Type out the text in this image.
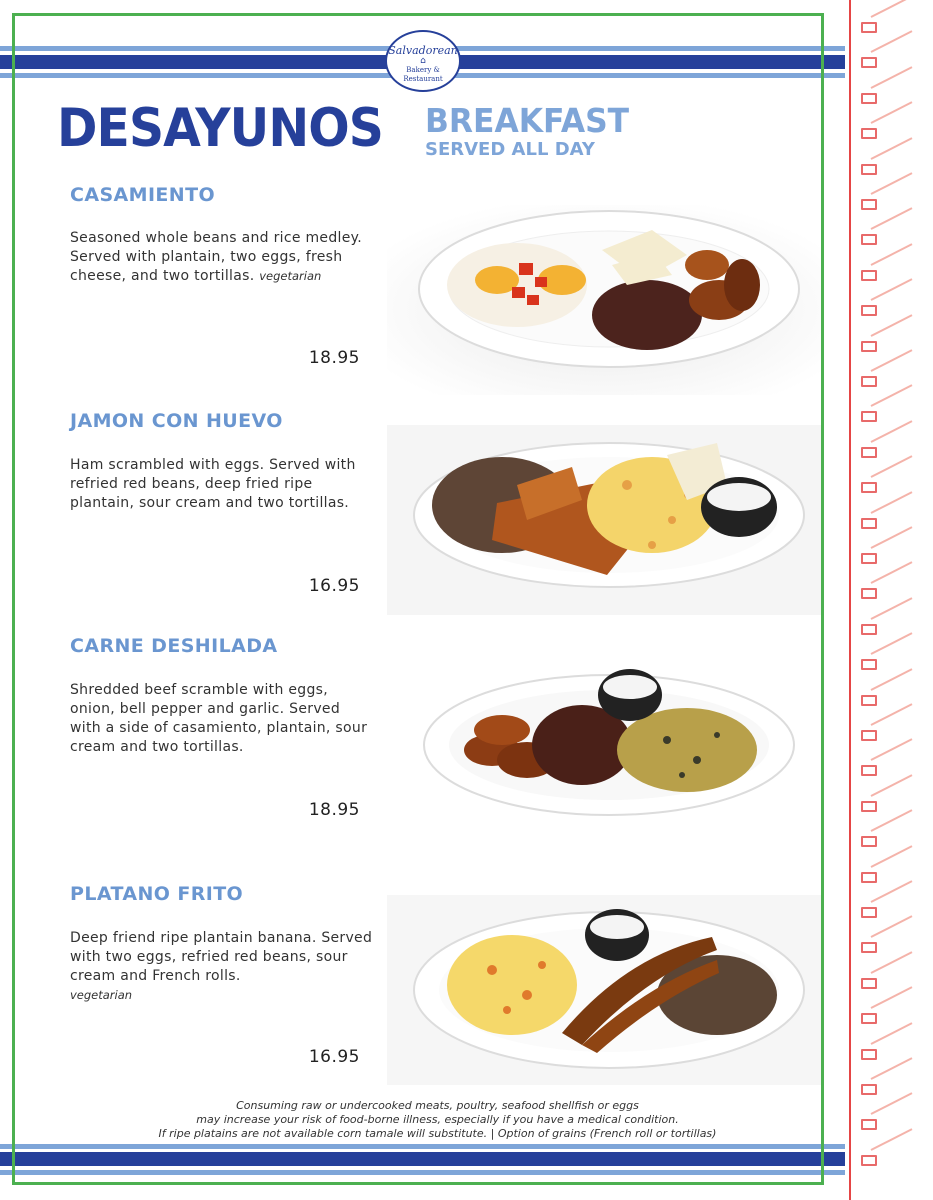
Salvadorean
⌂
Bakery & Restaurant
DESAYUNOS BREAKFAST
SERVED ALL DAY
CASAMIENTO
Seasoned whole beans and rice medley. Served with plantain, two eggs, fresh cheese, and two tortillas. vegetarian
18.95
JAMON CON HUEVO
Ham scrambled with eggs. Served with refried red beans, deep fried ripe plantain, sour cream and two tortillas.
16.95
CARNE DESHILADA
Shredded beef scramble with eggs, onion, bell pepper and garlic. Served with a side of casamiento, plantain, sour cream and two tortillas.
18.95
PLATANO FRITO
Deep friend ripe plantain banana. Served with two eggs, refried red beans, sour cream and French rolls.
vegetarian
16.95
Consuming raw or undercooked meats, poultry, seafood shellfish or eggs
may increase your risk of food-borne illness, especially if you have a medical condition.
If ripe platains are not available corn tamale will substitute. | Option of grains (French roll or tortillas)
